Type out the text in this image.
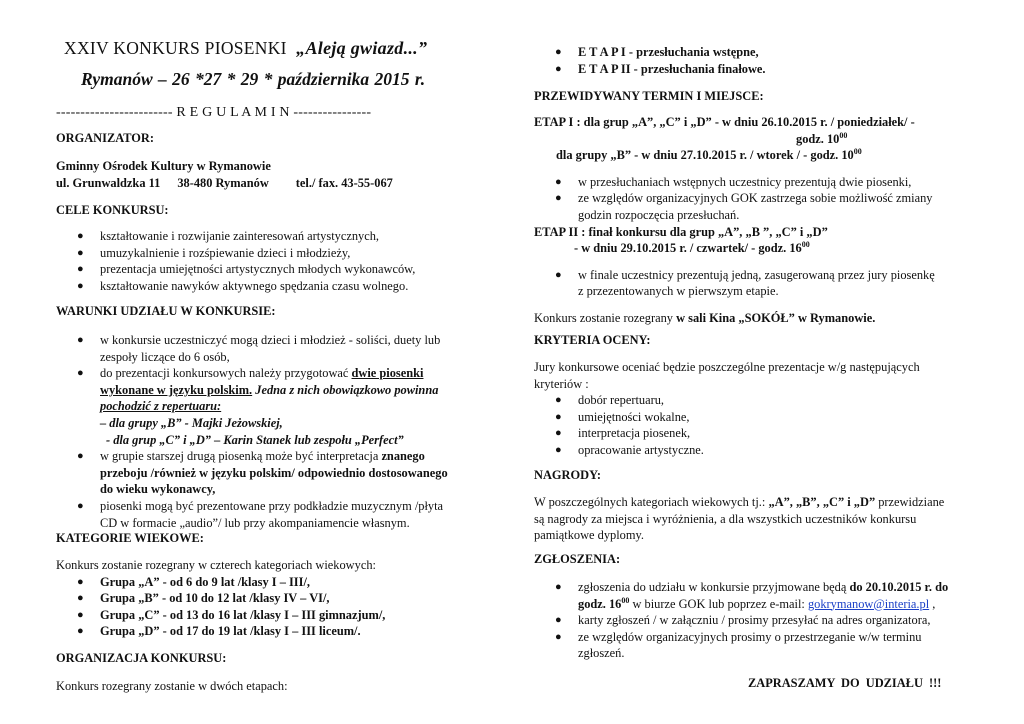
XXIV KONKURS PIOSENKI „Aleją gwiazd...”
Rymanów – 26 *27 * 29 * października 2015 r.
------------------------ R E G U L A M I N ----------------
ORGANIZATOR:
Gminny Ośrodek Kultury w Rymanowie
ul. Grunwaldzka 11 38-480 Rymanów tel./ fax. 43-55-067
CELE KONKURSU:
● kształtowanie i rozwijanie zainteresowań artystycznych,
● umuzykalnienie i rozśpiewanie dzieci i młodzieży,
● prezentacja umiejętności artystycznych młodych wykonawców,
● kształtowanie nawyków aktywnego spędzania czasu wolnego.
WARUNKI UDZIAŁU W KONKURSIE:
● w konkursie uczestniczyć mogą dzieci i młodzież - soliści, duety lub
zespoły liczące do 6 osób,
● do prezentacji konkursowych należy przygotować dwie piosenki
wykonane w języku polskim. Jedna z nich obowiązkowo powinna
pochodzić z repertuaru:
– dla grupy „B” - Majki Jeżowskiej,
- dla grup „C” i „D” – Karin Stanek lub zespołu „Perfect”
● w grupie starszej drugą piosenką może być interpretacja znanego
przeboju /również w języku polskim/ odpowiednio dostosowanego
do wieku wykonawcy,
● piosenki mogą być prezentowane przy podkładzie muzycznym /płyta
CD w formacie „audio”/ lub przy akompaniamencie własnym.
KATEGORIE WIEKOWE:
Konkurs zostanie rozegrany w czterech kategoriach wiekowych:
● Grupa „A” - od 6 do 9 lat /klasy I – III/,
● Grupa „B” - od 10 do 12 lat /klasy IV – VI/,
● Grupa „C” - od 13 do 16 lat /klasy I – III gimnazjum/,
● Grupa „D” - od 17 do 19 lat /klasy I – III liceum/.
ORGANIZACJA KONKURSU:
Konkurs rozegrany zostanie w dwóch etapach:
● E T A P I - przesłuchania wstępne,
● E T A P II - przesłuchania finałowe.
PRZEWIDYWANY TERMIN I MIEJSCE:
ETAP I : dla grup „A”, „C” i „D” - w dniu 26.10.2015 r. / poniedziałek/ -
godz. $10^{00}$
dla grupy „B” - w dniu 27.10.2015 r. / wtorek / - godz. $10^{00}$
● w przesłuchaniach wstępnych uczestnicy prezentują dwie piosenki,
● ze względów organizacyjnych GOK zastrzega sobie możliwość zmiany
godzin rozpoczęcia przesłuchań.
ETAP II : finał konkursu dla grup „A”, „B ”, „C” i „D”
- w dniu 29.10.2015 r. / czwartek/ - godz. $16^{00}$
● w finale uczestnicy prezentują jedną, zasugerowaną przez jury piosenkę
z przezentowanych w pierwszym etapie.
Konkurs zostanie rozegrany w sali Kina „SOKÓŁ” w Rymanowie.
KRYTERIA OCENY:
Jury konkursowe oceniać będzie poszczególne prezentacje w/g następujących
kryteriów :
● dobór repertuaru,
● umiejętności wokalne,
● interpretacja piosenek,
● opracowanie artystyczne.
NAGRODY:
W poszczególnych kategoriach wiekowych tj.: „A”, „B”, „C” i „D” przewidziane
są nagrody za miejsca i wyróżnienia, a dla wszystkich uczestników konkursu
pamiątkowe dyplomy.
ZGŁOSZENIA:
● zgłoszenia do udziału w konkursie przyjmowane będą do 20.10.2015 r. do
godz. $16^{00}$ w biurze GOK lub poprzez e-mail: gokrymanow@interia.pl ,
● karty zgłoszeń / w załączniu / prosimy przesyłać na adres organizatora,
● ze względów organizacyjnych prosimy o przestrzeganie w/w terminu
zgłoszeń.
ZAPRASZAMY DO UDZIAŁU !!!
